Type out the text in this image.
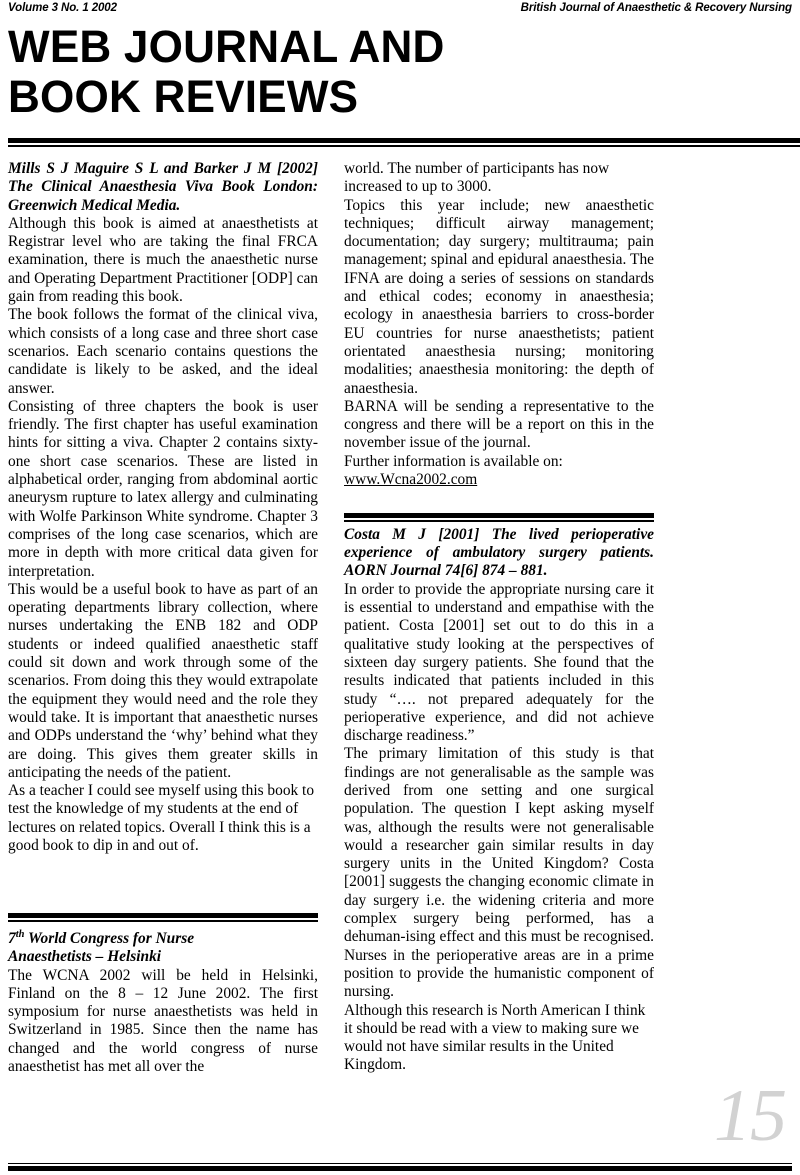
Volume 3 No. 1 2002	British Journal of Anaesthetic & Recovery Nursing
WEB JOURNAL AND
BOOK REVIEWS

Mills S J Maguire S L and Barker J M [2002] The Clinical Anaesthesia Viva Book London: Greenwich Medical Media.

Although this book is aimed at anaesthetists at Registrar level who are taking the final FRCA examination, there is much the anaesthetic nurse and Operating Department Practitioner [ODP] can gain from reading this book.

The book follows the format of the clinical viva, which consists of a long case and three short case scenarios. Each scenario contains questions the candidate is likely to be asked, and the ideal answer.

Consisting of three chapters the book is user friendly. The first chapter has useful examination hints for sitting a viva. Chapter 2 contains sixty-one short case scenarios. These are listed in alphabetical order, ranging from abdominal aortic aneurysm rupture to latex allergy and culminating with Wolfe Parkinson White syndrome. Chapter 3 comprises of the long case scenarios, which are more in depth with more critical data given for interpretation.

This would be a useful book to have as part of an operating departments library collection, where nurses undertaking the ENB 182 and ODP students or indeed qualified anaesthetic staff could sit down and work through some of the scenarios. From doing this they would extrapolate the equipment they would need and the role they would take. It is important that anaesthetic nurses and ODPs understand the ‘why’ behind what they are doing. This gives them greater skills in anticipating the needs of the patient.

As a teacher I could see myself using this book to test the knowledge of my students at the end of lectures on related topics. Overall I think this is a good book to dip in and out of.

7th World Congress for Nurse

Anaesthetists – Helsinki

The WCNA 2002 will be held in Helsinki, Finland on the 8 – 12 June 2002. The first symposium for nurse anaesthetists was held in Switzerland in 1985. Since then the name has changed and the world congress of nurse anaesthetist has met all over the

world. The number of participants has now increased to up to 3000.

Topics this year include; new anaesthetic techniques; difficult airway management; documentation; day surgery; multitrauma; pain management; spinal and epidural anaesthesia. The IFNA are doing a series of sessions on standards and ethical codes; economy in anaesthesia; ecology in anaesthesia barriers to cross-border EU countries for nurse anaesthetists; patient orientated anaesthesia nursing; monitoring modalities; anaesthesia monitoring: the depth of anaesthesia.

BARNA will be sending a representative to the congress and there will be a report on this in the november issue of the journal.

Further information is available on:

www.Wcna2002.com

Costa M J [2001] The lived perioperative experience of ambulatory surgery patients. AORN Journal 74[6] 874 – 881.

In order to provide the appropriate nursing care it is essential to understand and empathise with the patient. Costa [2001] set out to do this in a qualitative study looking at the perspectives of sixteen day surgery patients. She found that the results indicated that patients included in this study “…. not prepared adequately for the perioperative experience, and did not achieve discharge readiness.”

The primary limitation of this study is that findings are not generalisable as the sample was derived from one setting and one surgical population. The question I kept asking myself was, although the results were not generalisable would a researcher gain similar results in day surgery units in the United Kingdom? Costa [2001] suggests the changing economic climate in day surgery i.e. the widening criteria and more complex surgery being performed, has a dehuman-ising effect and this must be recognised. Nurses in the perioperative areas are in a prime position to provide the humanistic component of nursing.

Although this research is North American I think it should be read with a view to making sure we would not have similar results in the United Kingdom.

15
